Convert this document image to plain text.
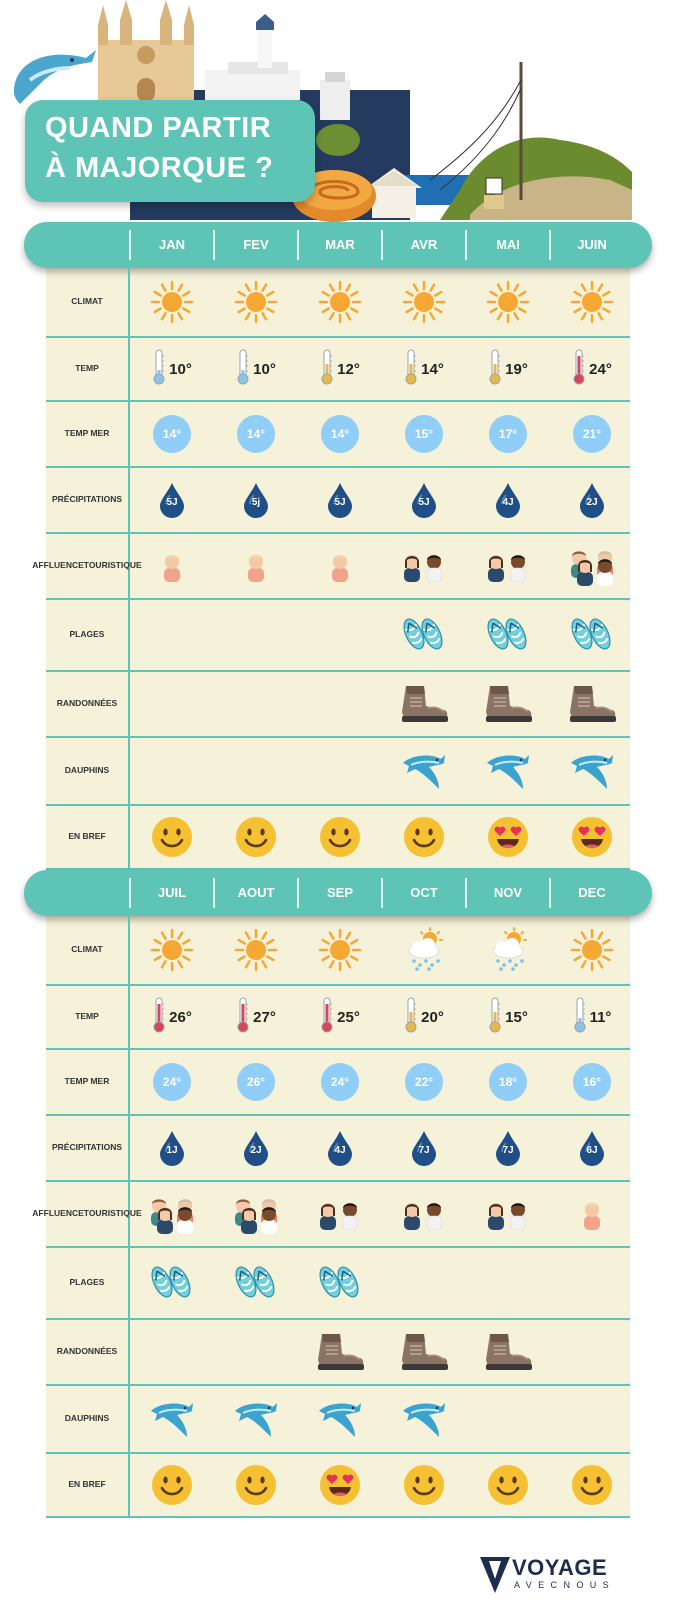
QUAND PARTIR
À MAJORQUE ?
JAN	FEV	MAR	AVR	MAI	JUIN
CLIMAT
TEMP	10°	10°	12°	14°	19°	24°
TEMP MER	14°	14°	14°	15°	17°	21°
PRÉCIPITATIONS	5J	5j	5J	5J	4J	2J
AFFLUENCE TOURISTIQUE
PLAGES
RANDONNÉES
DAUPHINS
EN BREF
JUIL	AOUT	SEP	OCT	NOV	DEC
CLIMAT
TEMP	26°	27°	25°	20°	15°	11°
TEMP MER	24°	26°	24°	22°	18°	16°
PRÉCIPITATIONS	1J	2J	4J	7J	7J	6J
AFFLUENCE TOURISTIQUE
PLAGES
RANDONNÉES
DAUPHINS
EN BREF
VOYAGE
AVECNOUS
